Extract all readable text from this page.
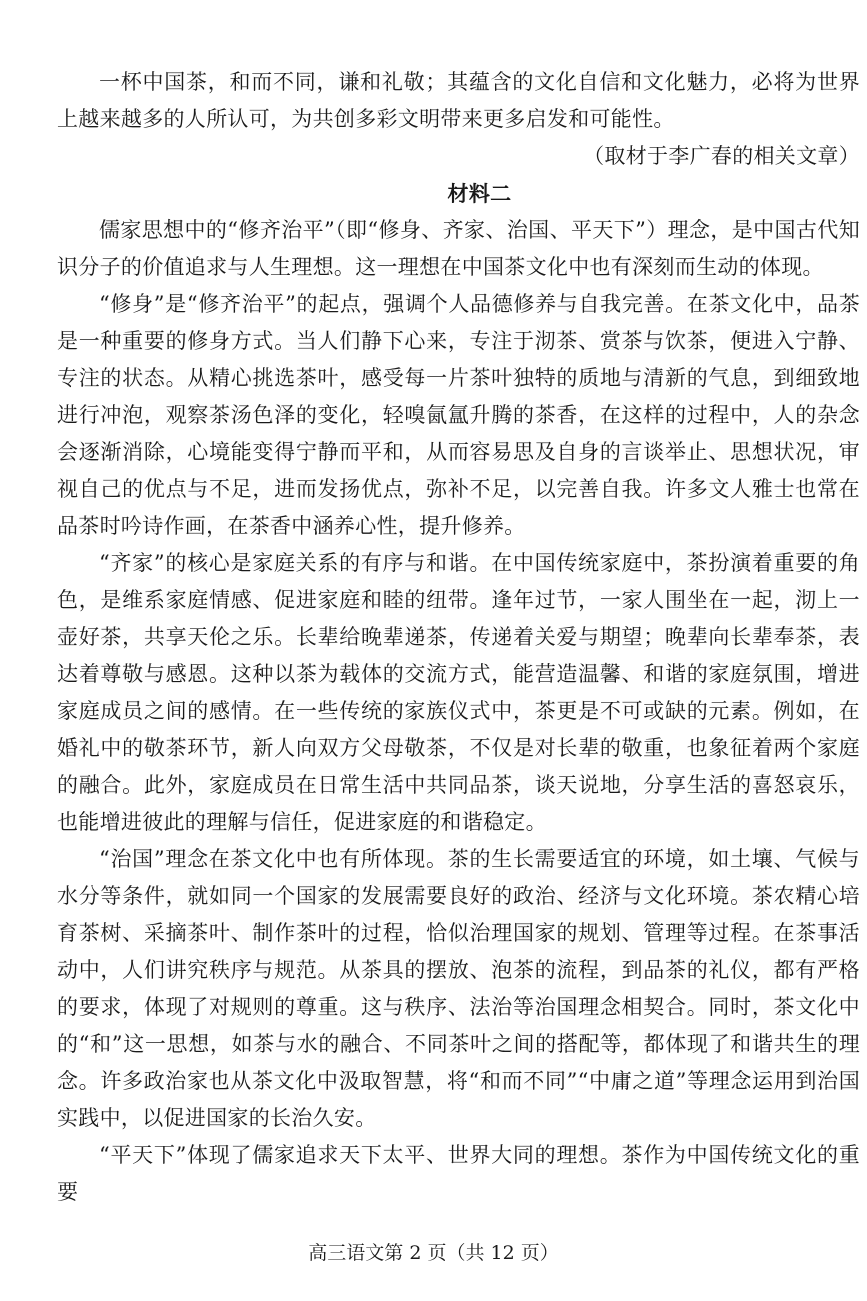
一杯中国茶，和而不同，谦和礼敬；其蕴含的文化自信和文化魅力，必将为世界上越来越多的人所认可，为共创多彩文明带来更多启发和可能性。

（取材于李广春的相关文章）

材料二

儒家思想中的“修齐治平”（即“修身、齐家、治国、平天下”）理念，是中国古代知识分子的价值追求与人生理想。这一理想在中国茶文化中也有深刻而生动的体现。

“修身”是“修齐治平”的起点，强调个人品德修养与自我完善。在茶文化中，品茶是一种重要的修身方式。当人们静下心来，专注于沏茶、赏茶与饮茶，便进入宁静、专注的状态。从精心挑选茶叶，感受每一片茶叶独特的质地与清新的气息，到细致地进行冲泡，观察茶汤色泽的变化，轻嗅氤氲升腾的茶香，在这样的过程中，人的杂念会逐渐消除，心境能变得宁静而平和，从而容易思及自身的言谈举止、思想状况，审视自己的优点与不足，进而发扬优点，弥补不足，以完善自我。许多文人雅士也常在品茶时吟诗作画，在茶香中涵养心性，提升修养。

“齐家”的核心是家庭关系的有序与和谐。在中国传统家庭中，茶扮演着重要的角色，是维系家庭情感、促进家庭和睦的纽带。逢年过节，一家人围坐在一起，沏上一壶好茶，共享天伦之乐。长辈给晚辈递茶，传递着关爱与期望；晚辈向长辈奉茶，表达着尊敬与感恩。这种以茶为载体的交流方式，能营造温馨、和谐的家庭氛围，增进家庭成员之间的感情。在一些传统的家族仪式中，茶更是不可或缺的元素。例如，在婚礼中的敬茶环节，新人向双方父母敬茶，不仅是对长辈的敬重，也象征着两个家庭的融合。此外，家庭成员在日常生活中共同品茶，谈天说地，分享生活的喜怒哀乐，也能增进彼此的理解与信任，促进家庭的和谐稳定。

“治国”理念在茶文化中也有所体现。茶的生长需要适宜的环境，如土壤、气候与水分等条件，就如同一个国家的发展需要良好的政治、经济与文化环境。茶农精心培育茶树、采摘茶叶、制作茶叶的过程，恰似治理国家的规划、管理等过程。在茶事活动中，人们讲究秩序与规范。从茶具的摆放、泡茶的流程，到品茶的礼仪，都有严格的要求，体现了对规则的尊重。这与秩序、法治等治国理念相契合。同时，茶文化中的“和”这一思想，如茶与水的融合、不同茶叶之间的搭配等，都体现了和谐共生的理念。许多政治家也从茶文化中汲取智慧，将“和而不同”“中庸之道”等理念运用到治国实践中，以促进国家的长治久安。

“平天下”体现了儒家追求天下太平、世界大同的理想。茶作为中国传统文化的重要

高三语文第 2 页（共 12 页）
